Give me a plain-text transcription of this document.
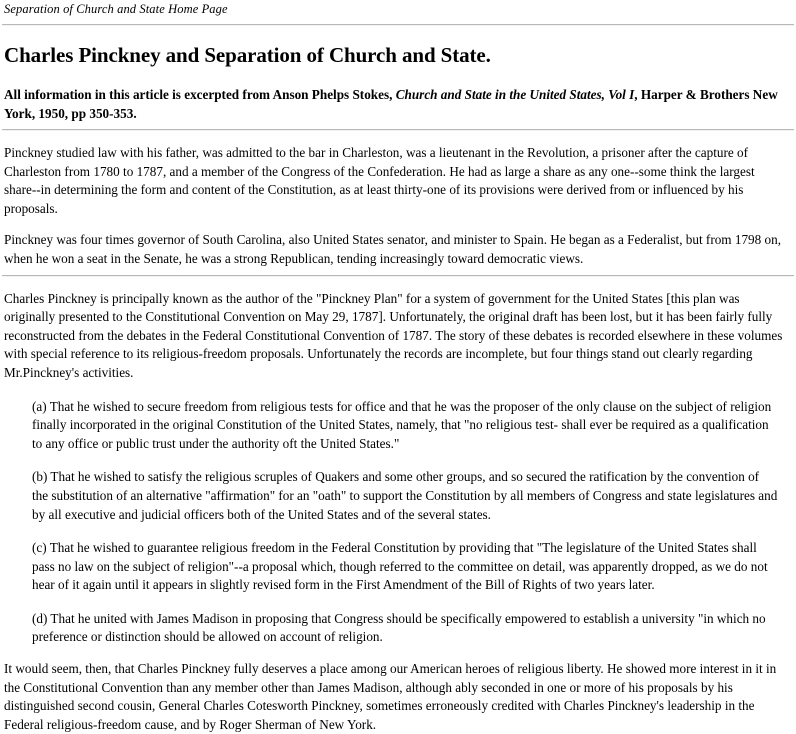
Separation of Church and State Home Page
Charles Pinckney and Separation of Church and State.

All information in this article is excerpted from Anson Phelps Stokes, Church and State in the United States, Vol I, Harper & Brothers New York, 1950, pp 350-353.

Pinckney studied law with his father, was admitted to the bar in Charleston, was a lieutenant in the Revolution, a prisoner after the capture of Charleston from 1780 to 1787, and a member of the Congress of the Confederation. He had as large a share as any one--some think the largest share--in determining the form and content of the Constitution, as at least thirty-one of its provisions were derived from or influenced by his proposals.

Pinckney was four times governor of South Carolina, also United States senator, and minister to Spain. He began as a Federalist, but from 1798 on, when he won a seat in the Senate, he was a strong Republican, tending increasingly toward democratic views.

Charles Pinckney is principally known as the author of the "Pinckney Plan" for a system of government for the United States [this plan was originally presented to the Constitutional Convention on May 29, 1787]. Unfortunately, the original draft has been lost, but it has been fairly fully reconstructed from the debates in the Federal Constitutional Convention of 1787. The story of these debates is recorded elsewhere in these volumes with special reference to its religious-freedom proposals. Unfortunately the records are incomplete, but four things stand out clearly regarding Mr.Pinckney's activities.

(a) That he wished to secure freedom from religious tests for office and that he was the proposer of the only clause on the subject of religion finally incorporated in the original Constitution of the United States, namely, that "no religious test- shall ever be required as a qualification to any office or public trust under the authority oft the United States."

(b) That he wished to satisfy the religious scruples of Quakers and some other groups, and so secured the ratification by the convention of the substitution of an alternative "affirmation" for an "oath" to support the Constitution by all members of Congress and state legislatures and by all executive and judicial officers both of the United States and of the several states.

(c) That he wished to guarantee religious freedom in the Federal Constitution by providing that "The legislature of the United States shall pass no law on the subject of religion"--a proposal which, though referred to the committee on detail, was apparently dropped, as we do not hear of it again until it appears in slightly revised form in the First Amendment of the Bill of Rights of two years later.

(d) That he united with James Madison in proposing that Congress should be specifically empowered to establish a university "in which no preference or distinction should be allowed on account of religion.

It would seem, then, that Charles Pinckney fully deserves a place among our American heroes of religious liberty. He showed more interest in it in the Constitutional Convention than any member other than James Madison, although ably seconded in one or more of his proposals by his distinguished second cousin, General Charles Cotesworth Pinckney, sometimes erroneously credited with Charles Pinckney's leadership in the Federal religious-freedom cause, and by Roger Sherman of New York.
